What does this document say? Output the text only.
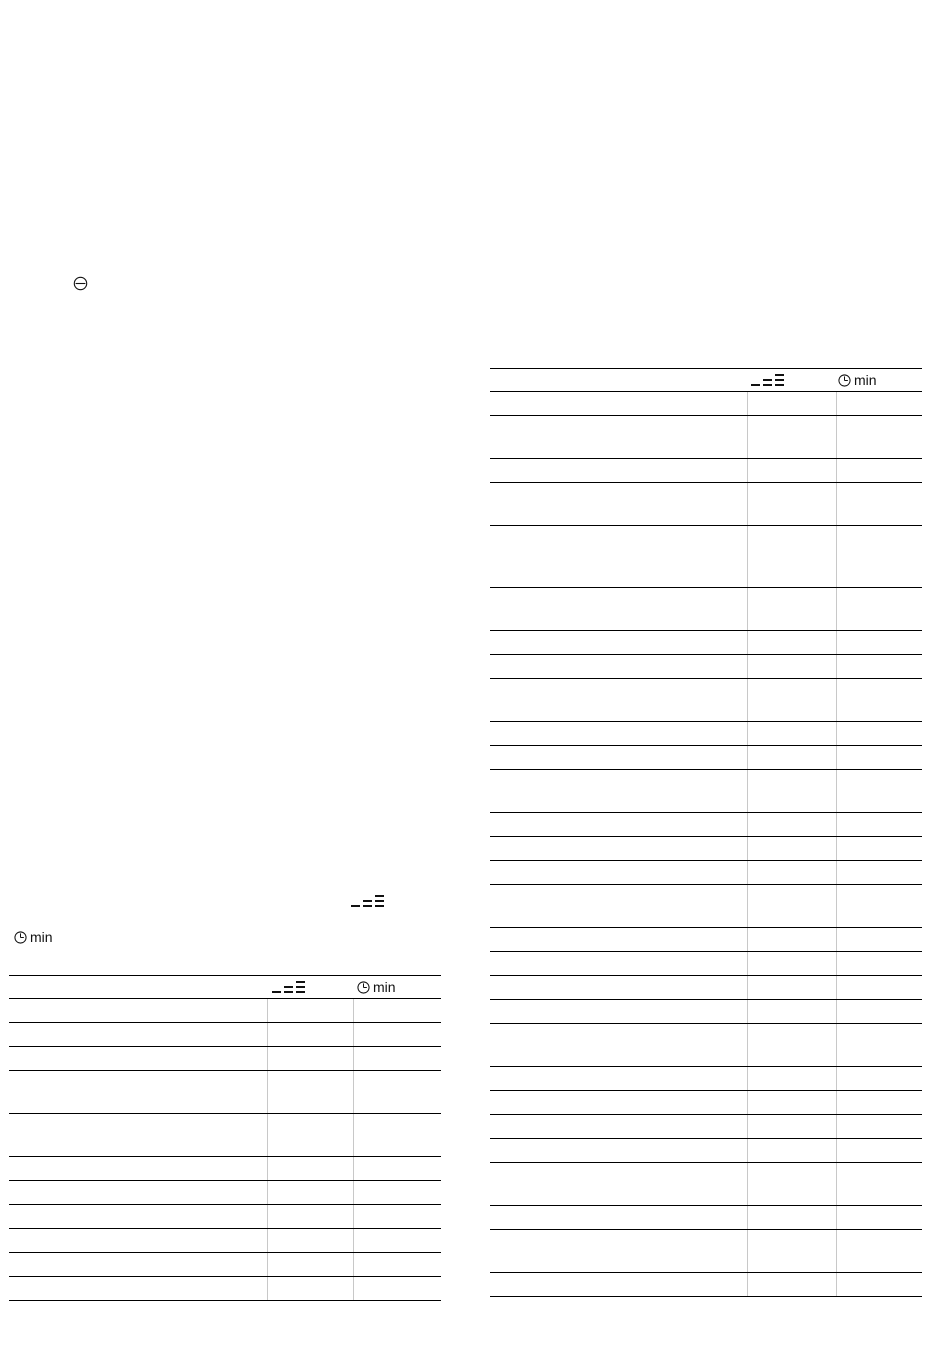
min
min
min
